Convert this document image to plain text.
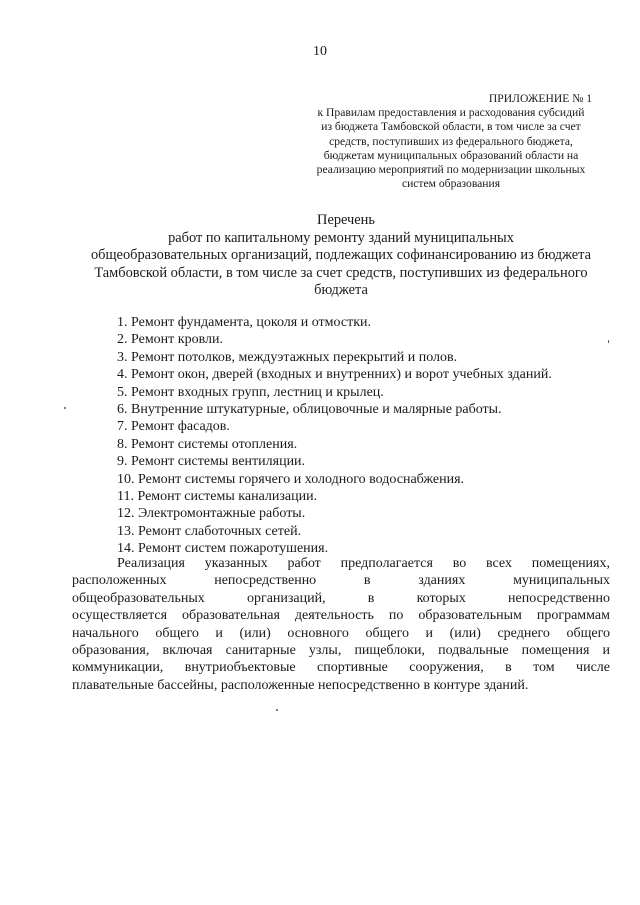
10
ПРИЛОЖЕНИЕ № 1
к Правилам предоставления и расходования субсидий
из бюджета Тамбовской области, в том числе за счет
средств, поступивших из федерального бюджета,
бюджетам муниципальных образований области на
реализацию мероприятий по модернизации школьных
систем образования
Перечень
работ по капитальному ремонту зданий муниципальных
общеобразовательных организаций, подлежащих софинансированию из бюджета
Тамбовской области, в том числе за счет средств, поступивших из федерального
бюджета
1. Ремонт фундамента, цоколя и отмостки.
2. Ремонт кровли.
3. Ремонт потолков, междуэтажных перекрытий и полов.
4. Ремонт окон, дверей (входных и внутренних) и ворот учебных зданий.
5. Ремонт входных групп, лестниц и крылец.
6. Внутренние штукатурные, облицовочные и малярные работы.
7. Ремонт фасадов.
8. Ремонт системы отопления.
9. Ремонт системы вентиляции.
10. Ремонт системы горячего и холодного водоснабжения.
11. Ремонт системы канализации.
12. Электромонтажные работы.
13. Ремонт слаботочных сетей.
14. Ремонт систем пожаротушения.
Реализация указанных работ предполагается во всех помещениях,
расположенных непосредственно в зданиях муниципальных
общеобразовательных организаций, в которых непосредственно
осуществляется образовательная деятельность по образовательным программам
начального общего и (или) основного общего и (или) среднего общего
образования, включая санитарные узлы, пищеблоки, подвальные помещения и
коммуникации, внутриобъектовые спортивные сооружения, в том числе
плавательные бассейны, расположенные непосредственно в контуре зданий.
